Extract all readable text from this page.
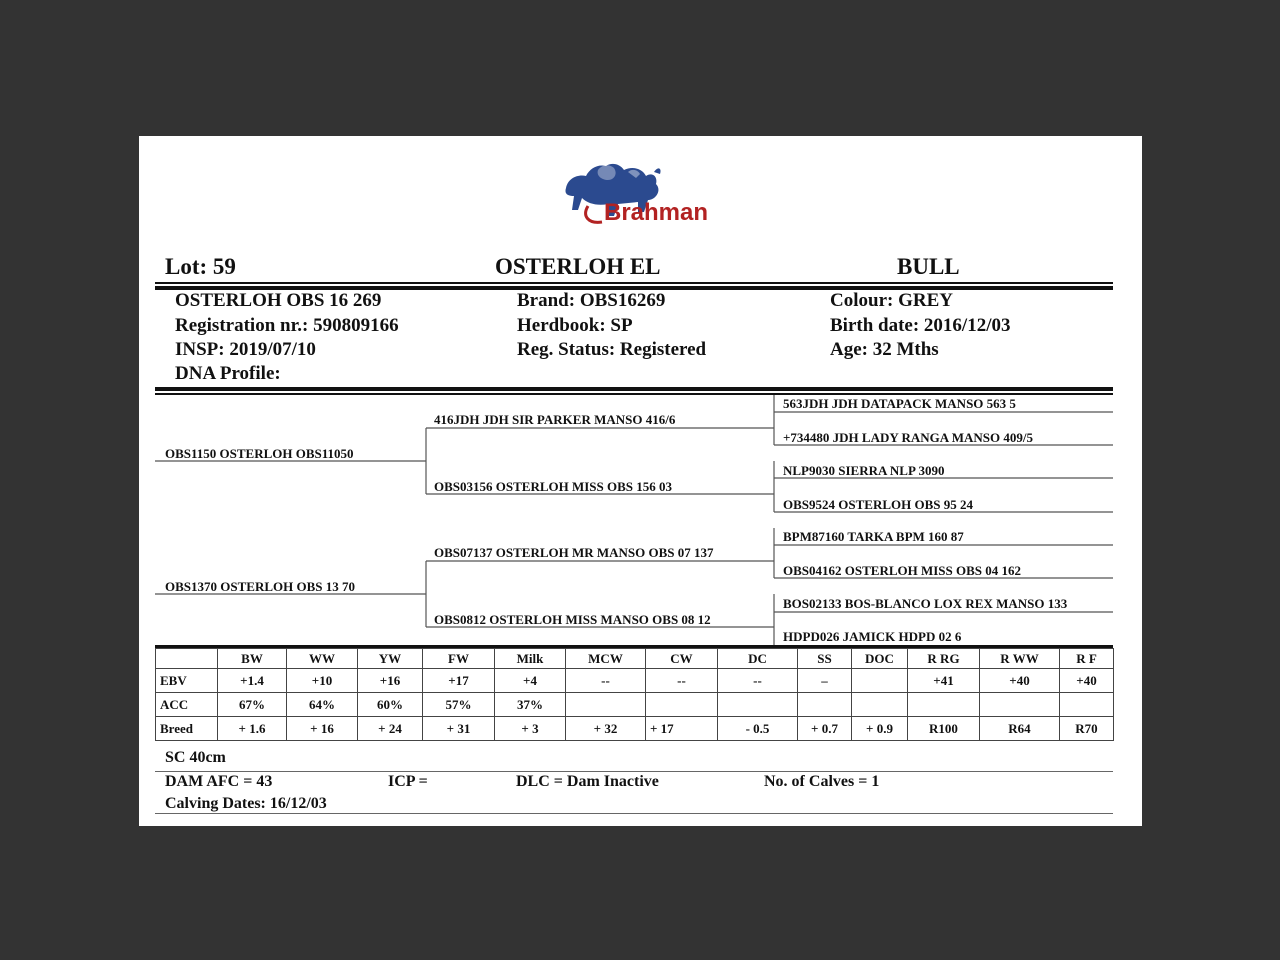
Brahman
Lot: 59	OSTERLOH EL	BULL
OSTERLOH OBS 16 269
Registration nr.: 590809166
INSP: 2019/07/10
DNA Profile:
Brand: OBS16269
Herdbook: SP
Reg. Status: Registered
Colour: GREY
Birth date: 2016/12/03
Age: 32 Mths
OBS1150 OSTERLOH OBS11050
OBS1370 OSTERLOH OBS 13 70
416JDH JDH SIR PARKER MANSO 416/6
OBS03156 OSTERLOH MISS OBS 156 03
OBS07137 OSTERLOH MR MANSO OBS 07 137
OBS0812 OSTERLOH MISS MANSO OBS 08 12
563JDH JDH DATAPACK MANSO 563 5
+734480 JDH LADY RANGA MANSO 409/5
NLP9030 SIERRA NLP 3090
OBS9524 OSTERLOH OBS 95 24
BPM87160 TARKA BPM 160 87
OBS04162 OSTERLOH MISS OBS 04 162
BOS02133 BOS-BLANCO LOX REX MANSO 133
HDPD026 JAMICK HDPD 02 6
	BW	WW	YW	FW	Milk	MCW	CW	DC	SS	DOC	R RG	R WW	R F
EBV	+1.4	+10	+16	+17	+4	--	--	--	–		+41	+40	+40
ACC	67%	64%	60%	57%	37%								
Breed	+ 1.6	+ 16	+ 24	+ 31	+ 3	+ 32	+ 17	- 0.5	+ 0.7	+ 0.9	R100	R64	R70
SC 40cm
DAM AFC = 43	ICP =	DLC = Dam Inactive	No. of Calves = 1
Calving Dates: 16/12/03
